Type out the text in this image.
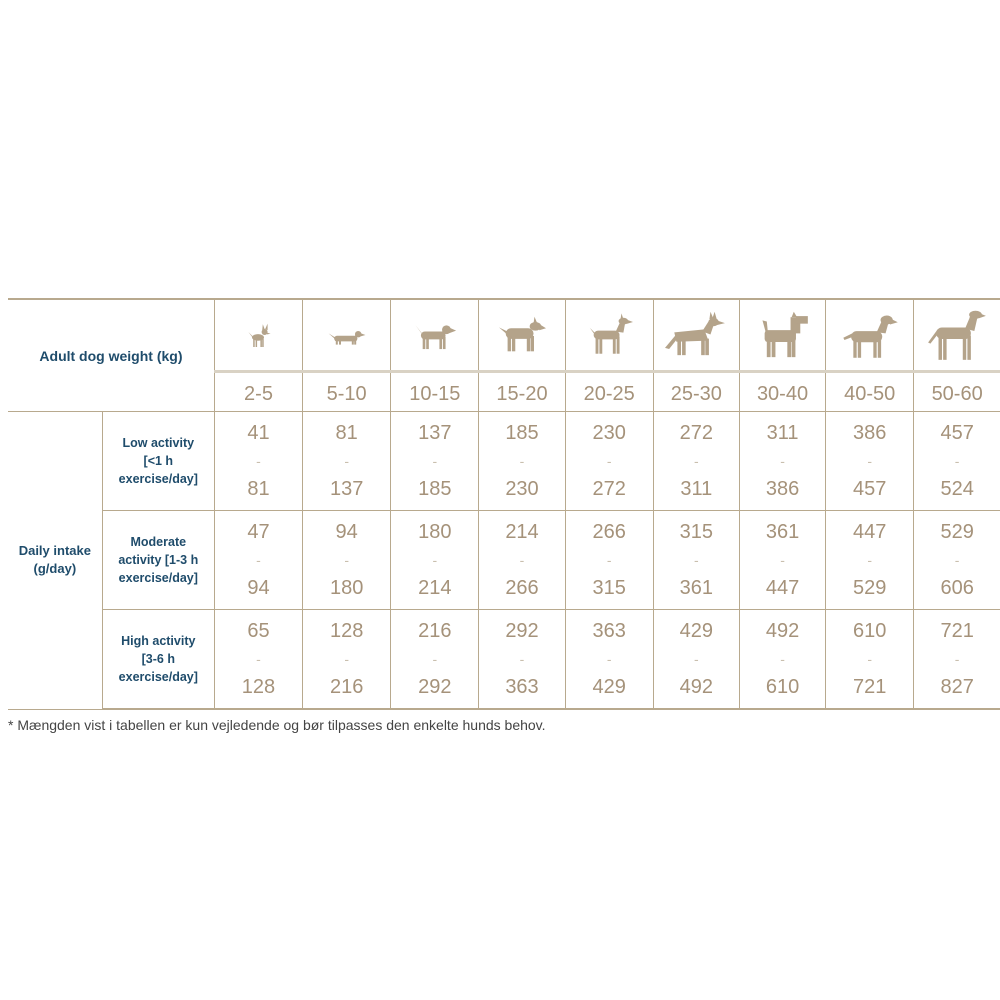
Adult dog weight (kg)	

		2-5	5-10	10-15	15-20	20-25	25-30	30-40	40-50	50-60
Daily intake (g/day)	Low activity
[<1 h
exercise/day]	41
-
81	81
-
137	137
-
185	185
-
230	230
-
272	272
-
311	311
-
386	386
-
457	457
-
524

	Moderate
activity [1-3 h
exercise/day]	47
-
94	94
-
180	180
-
214	214
-
266	266
-
315	315
-
361	361
-
447	447
-
529	529
-
606

	High activity
[3-6 h
exercise/day]	65
-
128	128
-
216	216
-
292	292
-
363	363
-
429	429
-
492	492
-
610	610
-
721	721
-
827

* Mængden vist i tabellen er kun vejledende og bør tilpasses den enkelte hunds behov.
